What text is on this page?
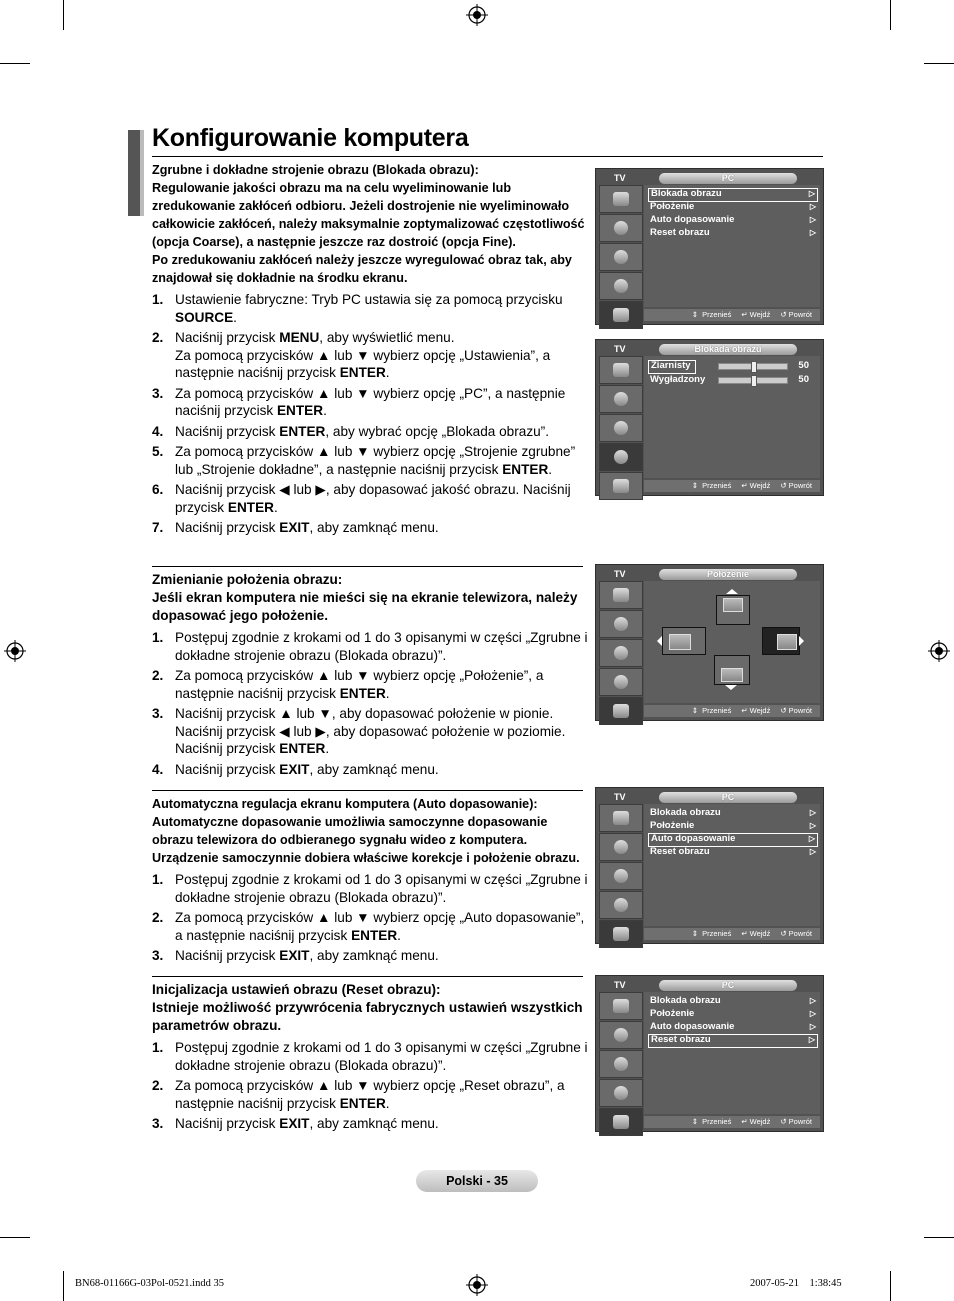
Konfigurowanie komputera
Zgrubne i dokładne strojenie obrazu (Blokada obrazu):
Regulowanie jakości obrazu ma na celu wyeliminowanie lub zredukowanie zakłóceń odbioru. Jeżeli dostrojenie nie wyeliminowało całkowicie zakłóceń, należy maksymalnie zoptymalizować częstotliwość (opcja Coarse), a następnie jeszcze raz dostroić (opcja Fine).
Po zredukowaniu zakłóceń należy jeszcze wyregulować obraz tak, aby znajdował się dokładnie na środku ekranu.
1. Ustawienie fabryczne: Tryb PC ustawia się za pomocą przycisku SOURCE.
2. Naciśnij przycisk MENU, aby wyświetlić menu.
Za pomocą przycisków ▲ lub ▼ wybierz opcję „Ustawienia”, a następnie naciśnij przycisk ENTER.
3. Za pomocą przycisków ▲ lub ▼ wybierz opcję „PC”, a następnie naciśnij przycisk ENTER.
4. Naciśnij przycisk ENTER, aby wybrać opcję „Blokada obrazu”.
5. Za pomocą przycisków ▲ lub ▼ wybierz opcję „Strojenie zgrubne” lub „Strojenie dokładne”, a następnie naciśnij przycisk ENTER.
6. Naciśnij przycisk ◀ lub ▶, aby dopasować jakość obrazu. Naciśnij przycisk ENTER.
7. Naciśnij przycisk EXIT, aby zamknąć menu.
Zmienianie położenia obrazu:
Jeśli ekran komputera nie mieści się na ekranie telewizora, należy dopasować jego położenie.
1. Postępuj zgodnie z krokami od 1 do 3 opisanymi w części „Zgrubne i dokładne strojenie obrazu (Blokada obrazu)”.
2. Za pomocą przycisków ▲ lub ▼ wybierz opcję „Położenie”, a następnie naciśnij przycisk ENTER.
3. Naciśnij przycisk ▲ lub ▼, aby dopasować położenie w pionie. Naciśnij przycisk ◀ lub ▶, aby dopasować położenie w poziomie. Naciśnij przycisk ENTER.
4. Naciśnij przycisk EXIT, aby zamknąć menu.
Automatyczna regulacja ekranu komputera (Auto dopasowanie):
Automatyczne dopasowanie umożliwia samoczynne dopasowanie obrazu telewizora do odbieranego sygnału wideo z komputera. Urządzenie samoczynnie dobiera właściwe korekcje i położenie obrazu.
1. Postępuj zgodnie z krokami od 1 do 3 opisanymi w części „Zgrubne i dokładne strojenie obrazu (Blokada obrazu)”.
2. Za pomocą przycisków ▲ lub ▼ wybierz opcję „Auto dopasowanie”, a następnie naciśnij przycisk ENTER.
3. Naciśnij przycisk EXIT, aby zamknąć menu.
Inicjalizacja ustawień obrazu (Reset obrazu):
Istnieje możliwość przywrócenia fabrycznych ustawień wszystkich parametrów obrazu.
1. Postępuj zgodnie z krokami od 1 do 3 opisanymi w części „Zgrubne i dokładne strojenie obrazu (Blokada obrazu)”.
2. Za pomocą przycisków ▲ lub ▼ wybierz opcję „Reset obrazu”, a następnie naciśnij przycisk ENTER.
3. Naciśnij przycisk EXIT, aby zamknąć menu.
TV	PC
Blokada obrazu	▷
Położenie	▷
Auto dopasowanie	▷
Reset obrazu	▷
⇕ Przenieś ↵ Wejdź ↺ Powrót
TV	Blokada obrazu
Ziarnisty	50
Wygładzony	50
⇕ Przenieś ↵ Wejdź ↺ Powrót
TV	Położenie
⇕ Przenieś ↵ Wejdź ↺ Powrót
TV	PC
Blokada obrazu	▷
Położenie	▷
Auto dopasowanie	▷
Reset obrazu	▷
⇕ Przenieś ↵ Wejdź ↺ Powrót
TV	PC
Blokada obrazu	▷
Położenie	▷
Auto dopasowanie	▷
Reset obrazu	▷
⇕ Przenieś ↵ Wejdź ↺ Powrót
Polski - 35
BN68-01166G-03Pol-0521.indd 35	2007-05-21    1:38:45
